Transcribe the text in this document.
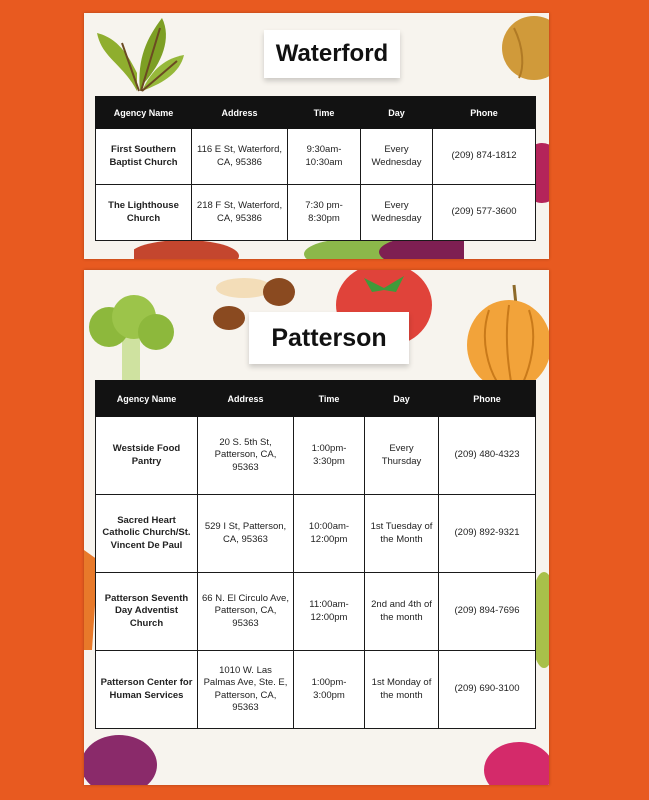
Waterford
Agency Name	Address	Time	Day	Phone
First Southern Baptist Church	116 E St, Waterford, CA, 95386	9:30am-10:30am	Every Wednesday	(209) 874-1812
The Lighthouse Church	218 F St, Waterford, CA, 95386	7:30 pm-8:30pm	Every Wednesday	(209) 577-3600
Patterson
Agency Name	Address	Time	Day	Phone
Westside Food Pantry	20 S. 5th St, Patterson, CA, 95363	1:00pm-3:30pm	Every Thursday	(209) 480-4323
Sacred Heart Catholic Church/St. Vincent De Paul	529 I St, Patterson, CA, 95363	10:00am-12:00pm	1st Tuesday of the Month	(209) 892-9321
Patterson Seventh Day Adventist Church	66 N. El Circulo Ave, Patterson, CA, 95363	11:00am-12:00pm	2nd and 4th of the month	(209) 894-7696
Patterson Center for Human Services	1010 W. Las Palmas Ave, Ste. E, Patterson, CA, 95363	1:00pm-3:00pm	1st Monday of the month	(209) 690-3100
